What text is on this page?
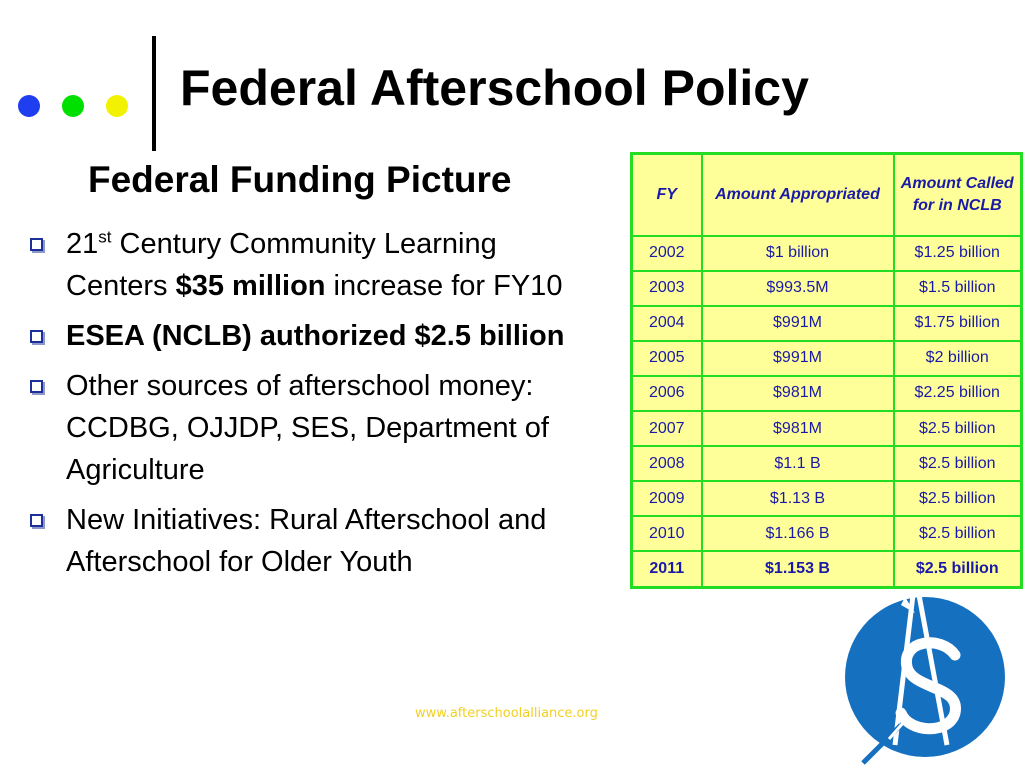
Federal Afterschool Policy
Federal Funding Picture
21st Century Community Learning Centers $35 million increase for FY10
ESEA (NCLB) authorized $2.5 billion
Other sources of afterschool money: CCDBG, OJJDP, SES, Department of Agriculture
New Initiatives: Rural Afterschool and Afterschool for Older Youth
FY	Amount Appropriated	Amount Called for in NCLB
2002	$1 billion	$1.25 billion
2003	$993.5M	$1.5 billion
2004	$991M	$1.75 billion
2005	$991M	$2 billion
2006	$981M	$2.25 billion
2007	$981M	$2.5 billion
2008	$1.1 B	$2.5 billion
2009	$1.13 B	$2.5 billion
2010	$1.166 B	$2.5 billion
2011	$1.153 B	$2.5 billion
www.afterschoolalliance.org
